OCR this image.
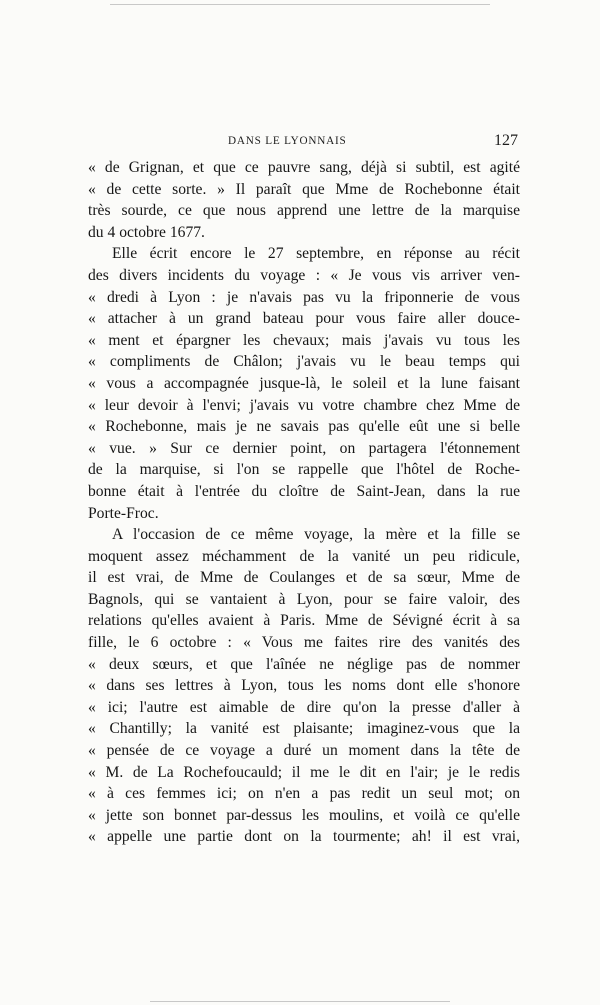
DANS LE LYONNAIS	127
« de Grignan, et que ce pauvre sang, déjà si subtil, est agité
« de cette sorte. » Il paraît que Mme de Rochebonne était
très sourde, ce que nous apprend une lettre de la marquise
du 4 octobre 1677.
Elle écrit encore le 27 septembre, en réponse au récit
des divers incidents du voyage : « Je vous vis arriver ven-
« dredi à Lyon : je n'avais pas vu la friponnerie de vous
« attacher à un grand bateau pour vous faire aller douce-
« ment et épargner les chevaux; mais j'avais vu tous les
« compliments de Châlon; j'avais vu le beau temps qui
« vous a accompagnée jusque-là, le soleil et la lune faisant
« leur devoir à l'envi; j'avais vu votre chambre chez Mme de
« Rochebonne, mais je ne savais pas qu'elle eût une si belle
« vue. » Sur ce dernier point, on partagera l'étonnement
de la marquise, si l'on se rappelle que l'hôtel de Roche-
bonne était à l'entrée du cloître de Saint-Jean, dans la rue
Porte-Froc.
A l'occasion de ce même voyage, la mère et la fille se
moquent assez méchamment de la vanité un peu ridicule,
il est vrai, de Mme de Coulanges et de sa sœur, Mme de
Bagnols, qui se vantaient à Lyon, pour se faire valoir, des
relations qu'elles avaient à Paris. Mme de Sévigné écrit à sa
fille, le 6 octobre : « Vous me faites rire des vanités des
« deux sœurs, et que l'aînée ne néglige pas de nommer
« dans ses lettres à Lyon, tous les noms dont elle s'honore
« ici; l'autre est aimable de dire qu'on la presse d'aller à
« Chantilly; la vanité est plaisante; imaginez-vous que la
« pensée de ce voyage a duré un moment dans la tête de
« M. de La Rochefoucauld; il me le dit en l'air; je le redis
« à ces femmes ici; on n'en a pas redit un seul mot; on
« jette son bonnet par-dessus les moulins, et voilà ce qu'elle
« appelle une partie dont on la tourmente; ah! il est vrai,
